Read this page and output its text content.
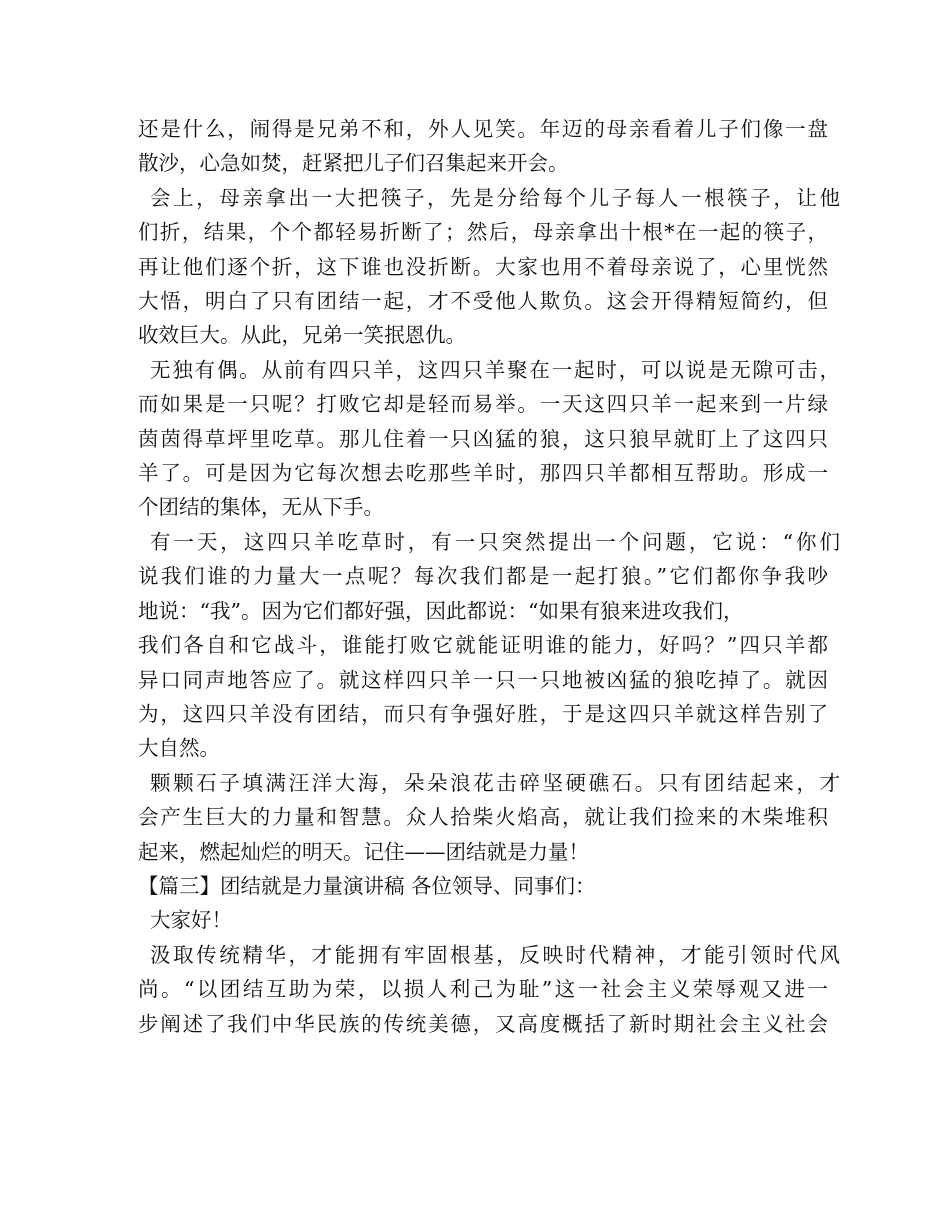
还是什么，闹得是兄弟不和，外人见笑。年迈的母亲看着儿子们像一盘
散沙，心急如焚，赶紧把儿子们召集起来开会。
会上，母亲拿出一大把筷子，先是分给每个儿子每人一根筷子，让他
们折，结果，个个都轻易折断了；然后，母亲拿出十根*在一起的筷子，
再让他们逐个折，这下谁也没折断。大家也用不着母亲说了，心里恍然
大悟，明白了只有团结一起，才不受他人欺负。这会开得精短简约，但
收效巨大。从此，兄弟一笑抿恩仇。
无独有偶。从前有四只羊，这四只羊聚在一起时，可以说是无隙可击，
而如果是一只呢？打败它却是轻而易举。一天这四只羊一起来到一片绿
茵茵得草坪里吃草。那儿住着一只凶猛的狼，这只狼早就盯上了这四只
羊了。可是因为它每次想去吃那些羊时，那四只羊都相互帮助。形成一
个团结的集体，无从下手。
有一天，这四只羊吃草时，有一只突然提出一个问题，它说：“你们
说我们谁的力量大一点呢？每次我们都是一起打狼。”它们都你争我吵
地说：“我”。因为它们都好强，因此都说：“如果有狼来进攻我们，
我们各自和它战斗，谁能打败它就能证明谁的能力，好吗？”四只羊都
异口同声地答应了。就这样四只羊一只一只地被凶猛的狼吃掉了。就因
为，这四只羊没有团结，而只有争强好胜，于是这四只羊就这样告别了
大自然。
颗颗石子填满汪洋大海，朵朵浪花击碎坚硬礁石。只有团结起来，才
会产生巨大的力量和智慧。众人拾柴火焰高，就让我们捡来的木柴堆积
起来，燃起灿烂的明天。记住——团结就是力量！
【篇三】团结就是力量演讲稿 各位领导、同事们：
大家好！
汲取传统精华，才能拥有牢固根基，反映时代精神，才能引领时代风
尚。“以团结互助为荣，以损人利己为耻”这一社会主义荣辱观又进一
步阐述了我们中华民族的传统美德，又高度概括了新时期社会主义社会
